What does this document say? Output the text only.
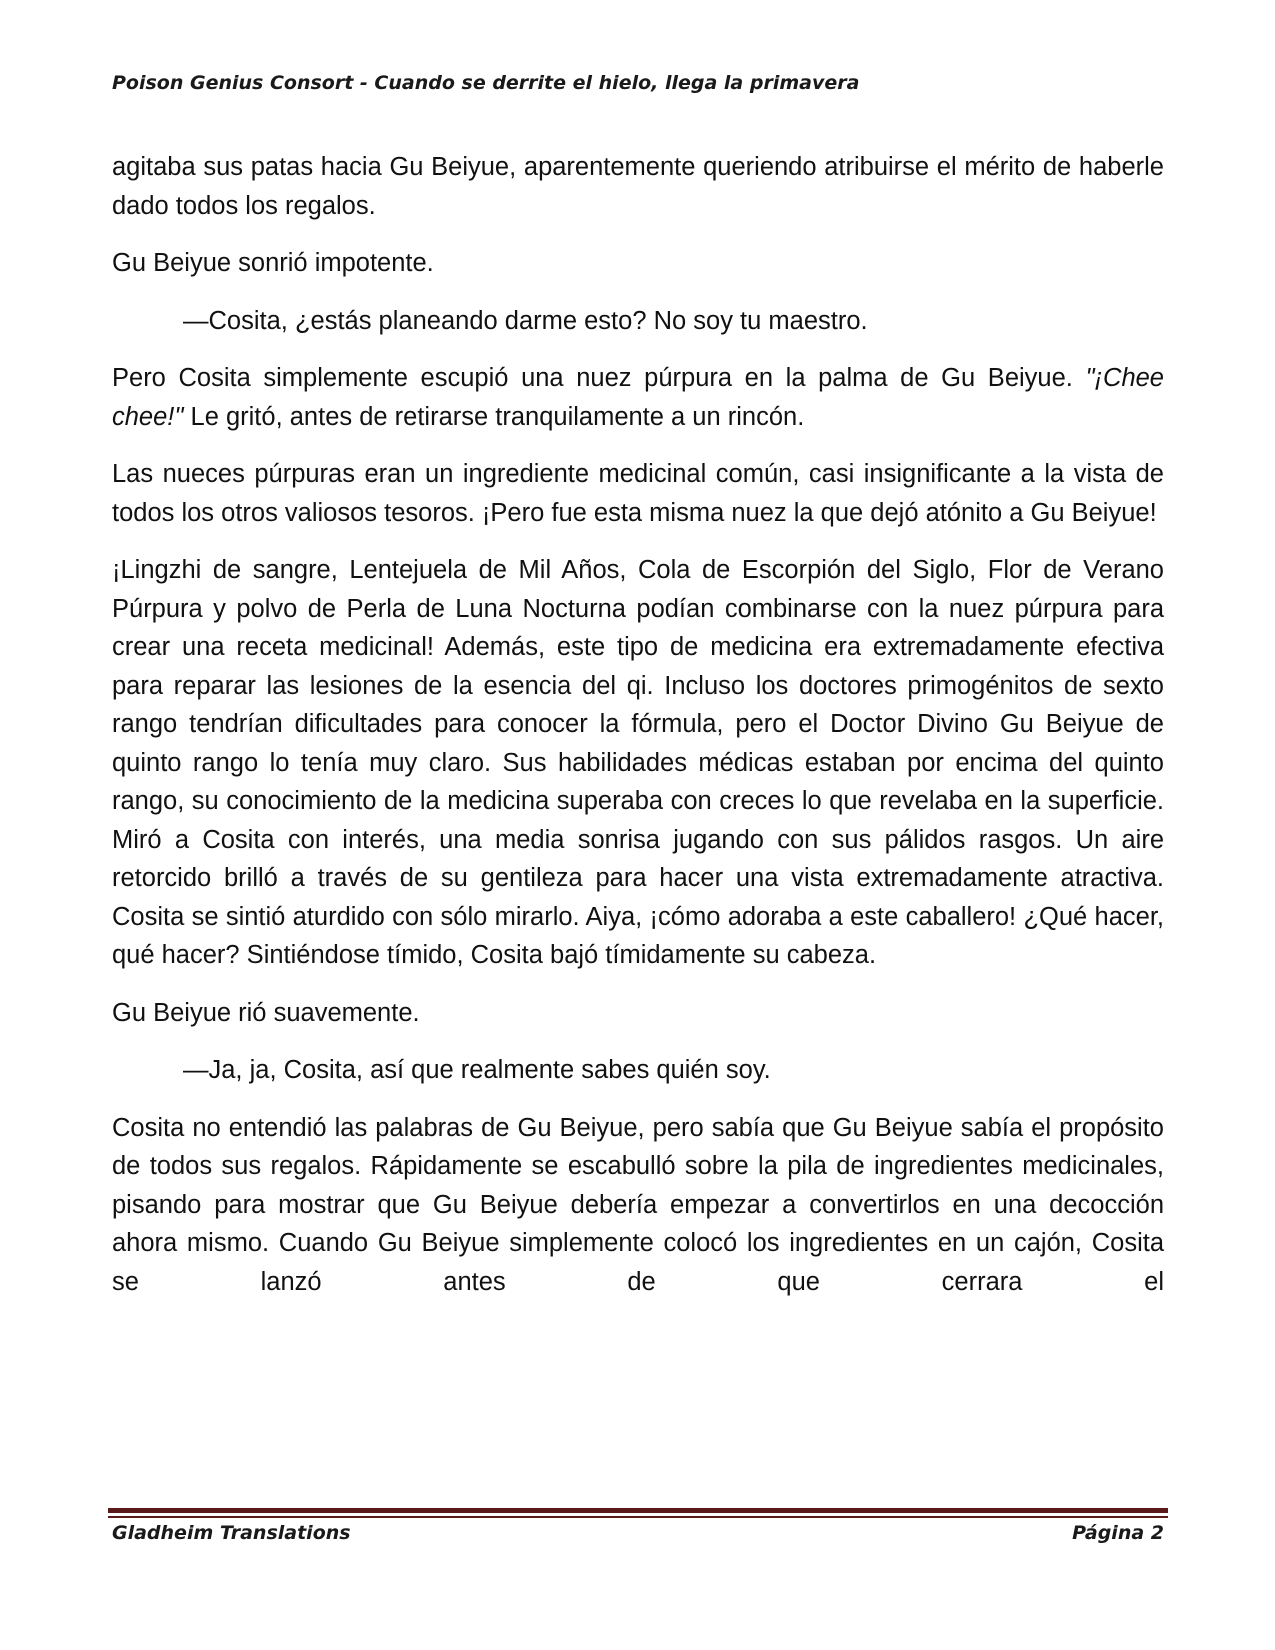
Poison Genius Consort - Cuando se derrite el hielo, llega la primavera

agitaba sus patas hacia Gu Beiyue, aparentemente queriendo atribuirse el mérito de haberle dado todos los regalos.

Gu Beiyue sonrió impotente.

—Cosita, ¿estás planeando darme esto? No soy tu maestro.

Pero Cosita simplemente escupió una nuez púrpura en la palma de Gu Beiyue. "¡Chee chee!" Le gritó, antes de retirarse tranquilamente a un rincón.

Las nueces púrpuras eran un ingrediente medicinal común, casi insignificante a la vista de todos los otros valiosos tesoros. ¡Pero fue esta misma nuez la que dejó atónito a Gu Beiyue!

¡Lingzhi de sangre, Lentejuela de Mil Años, Cola de Escorpión del Siglo, Flor de Verano Púrpura y polvo de Perla de Luna Nocturna podían combinarse con la nuez púrpura para crear una receta medicinal! Además, este tipo de medicina era extremadamente efectiva para reparar las lesiones de la esencia del qi. Incluso los doctores primogénitos de sexto rango tendrían dificultades para conocer la fórmula, pero el Doctor Divino Gu Beiyue de quinto rango lo tenía muy claro. Sus habilidades médicas estaban por encima del quinto rango, su conocimiento de la medicina superaba con creces lo que revelaba en la superficie. Miró a Cosita con interés, una media sonrisa jugando con sus pálidos rasgos. Un aire retorcido brilló a través de su gentileza para hacer una vista extremadamente atractiva. Cosita se sintió aturdido con sólo mirarlo. Aiya, ¡cómo adoraba a este caballero! ¿Qué hacer, qué hacer? Sintiéndose tímido, Cosita bajó tímidamente su cabeza.

Gu Beiyue rió suavemente.

—Ja, ja, Cosita, así que realmente sabes quién soy.

Cosita no entendió las palabras de Gu Beiyue, pero sabía que Gu Beiyue sabía el propósito de todos sus regalos. Rápidamente se escabulló sobre la pila de ingredientes medicinales, pisando para mostrar que Gu Beiyue debería empezar a convertirlos en una decocción ahora mismo. Cuando Gu Beiyue simplemente colocó los ingredientes en un cajón, Cosita se lanzó antes de que cerrara el

Gladheim Translations	Página 2
